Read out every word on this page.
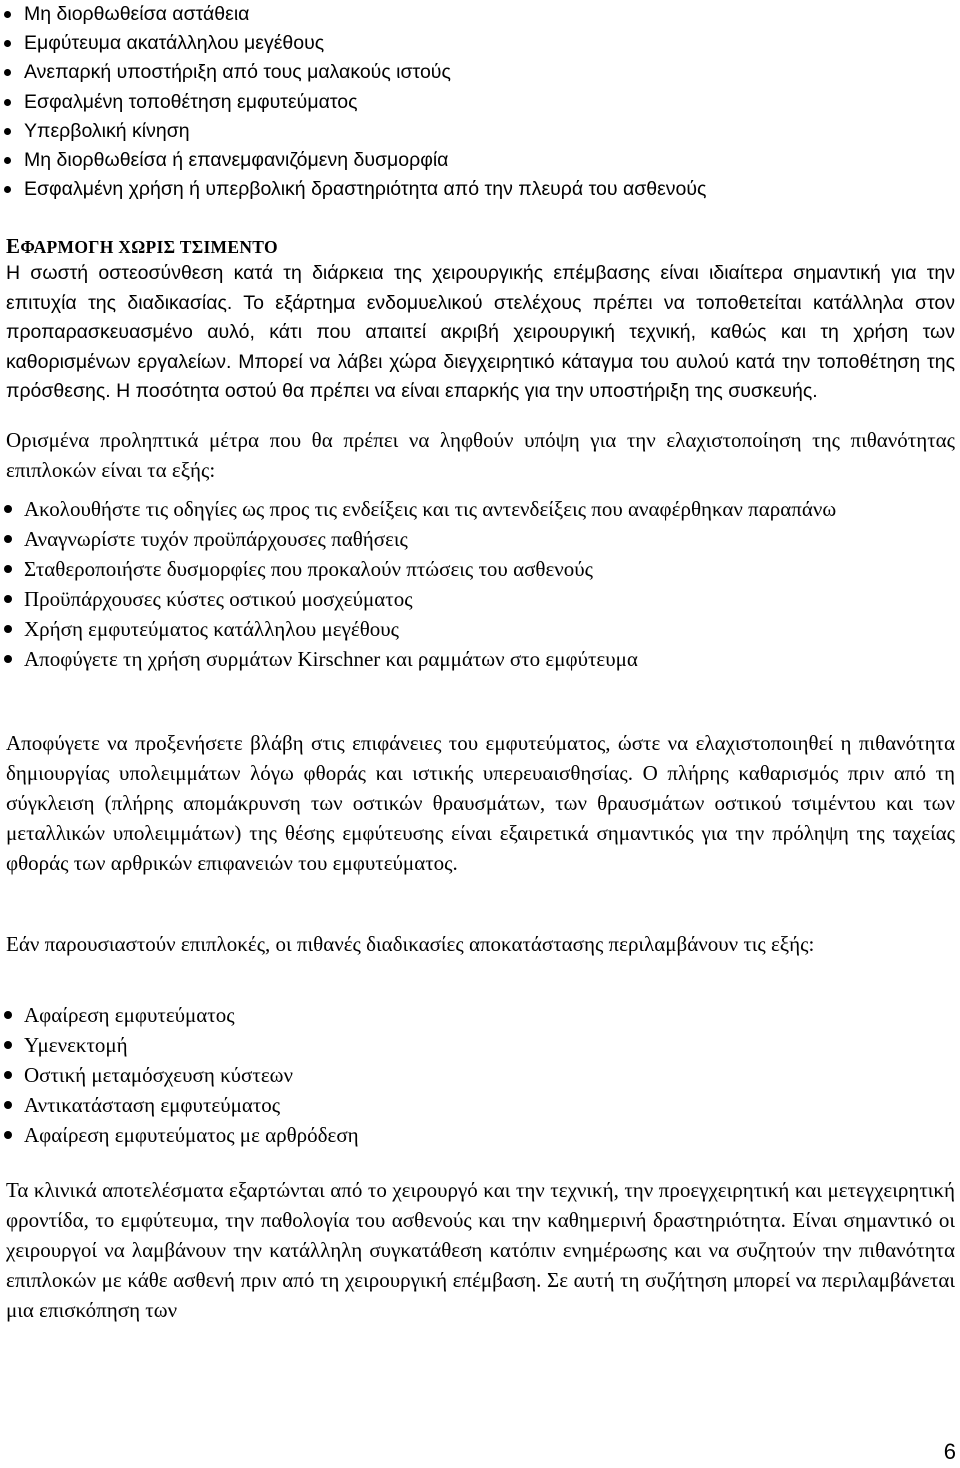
Μη διορθωθείσα αστάθεια
Εμφύτευμα ακατάλληλου μεγέθους
Ανεπαρκή υποστήριξη από τους μαλακούς ιστούς
Εσφαλμένη τοποθέτηση εμφυτεύματος
Υπερβολική κίνηση
Μη διορθωθείσα ή επανεμφανιζόμενη δυσμορφία
Εσφαλμένη χρήση ή υπερβολική δραστηριότητα από την πλευρά του ασθενούς
ΕΦΑΡΜΟΓΗ ΧΩΡΙΣ ΤΣΙΜΕΝΤΟ

Η σωστή οστεοσύνθεση κατά τη διάρκεια της χειρουργικής επέμβασης είναι ιδιαίτερα σημαντική για την επιτυχία της διαδικασίας. Το εξάρτημα ενδομυελικού στελέχους πρέπει να τοποθετείται κατάλληλα στον προπαρασκευασμένο αυλό, κάτι που απαιτεί ακριβή χειρουργική τεχνική, καθώς και τη χρήση των καθορισμένων εργαλείων. Μπορεί να λάβει χώρα διεγχειρητικό κάταγμα του αυλού κατά την τοποθέτηση της πρόσθεσης. Η ποσότητα οστού θα πρέπει να είναι επαρκής για την υποστήριξη της συσκευής.

Ορισμένα προληπτικά μέτρα που θα πρέπει να ληφθούν υπόψη για την ελαχιστοποίηση της πιθανότητας επιπλοκών είναι τα εξής:

Ακολουθήστε τις οδηγίες ως προς τις ενδείξεις και τις αντενδείξεις που αναφέρθηκαν παραπάνω
Αναγνωρίστε τυχόν προϋπάρχουσες παθήσεις
Σταθεροποιήστε δυσμορφίες που προκαλούν πτώσεις του ασθενούς
Προϋπάρχουσες κύστες οστικού μοσχεύματος
Χρήση εμφυτεύματος κατάλληλου μεγέθους
Αποφύγετε τη χρήση συρμάτων Kirschner και ραμμάτων στο εμφύτευμα

Αποφύγετε να προξενήσετε βλάβη στις επιφάνειες του εμφυτεύματος, ώστε να ελαχιστοποιηθεί η πιθανότητα δημιουργίας υπολειμμάτων λόγω φθοράς και ιστικής υπερευαισθησίας. Ο πλήρης καθαρισμός πριν από τη σύγκλειση (πλήρης απομάκρυνση των οστικών θραυσμάτων, των θραυσμάτων οστικού τσιμέντου και των μεταλλικών υπολειμμάτων) της θέσης εμφύτευσης είναι εξαιρετικά σημαντικός για την πρόληψη της ταχείας φθοράς των αρθρικών επιφανειών του εμφυτεύματος.

Εάν παρουσιαστούν επιπλοκές, οι πιθανές διαδικασίες αποκατάστασης περιλαμβάνουν τις εξής:

Αφαίρεση εμφυτεύματος
Υμενεκτομή
Οστική μεταμόσχευση κύστεων
Αντικατάσταση εμφυτεύματος
Αφαίρεση εμφυτεύματος με αρθρόδεση

Τα κλινικά αποτελέσματα εξαρτώνται από το χειρουργό και την τεχνική, την προεγχειρητική και μετεγχειρητική φροντίδα, το εμφύτευμα, την παθολογία του ασθενούς και την καθημερινή δραστηριότητα. Είναι σημαντικό οι χειρουργοί να λαμβάνουν την κατάλληλη συγκατάθεση κατόπιν ενημέρωσης και να συζητούν την πιθανότητα επιπλοκών με κάθε ασθενή πριν από τη χειρουργική επέμβαση. Σε αυτή τη συζήτηση μπορεί να περιλαμβάνεται μια επισκόπηση των

6
